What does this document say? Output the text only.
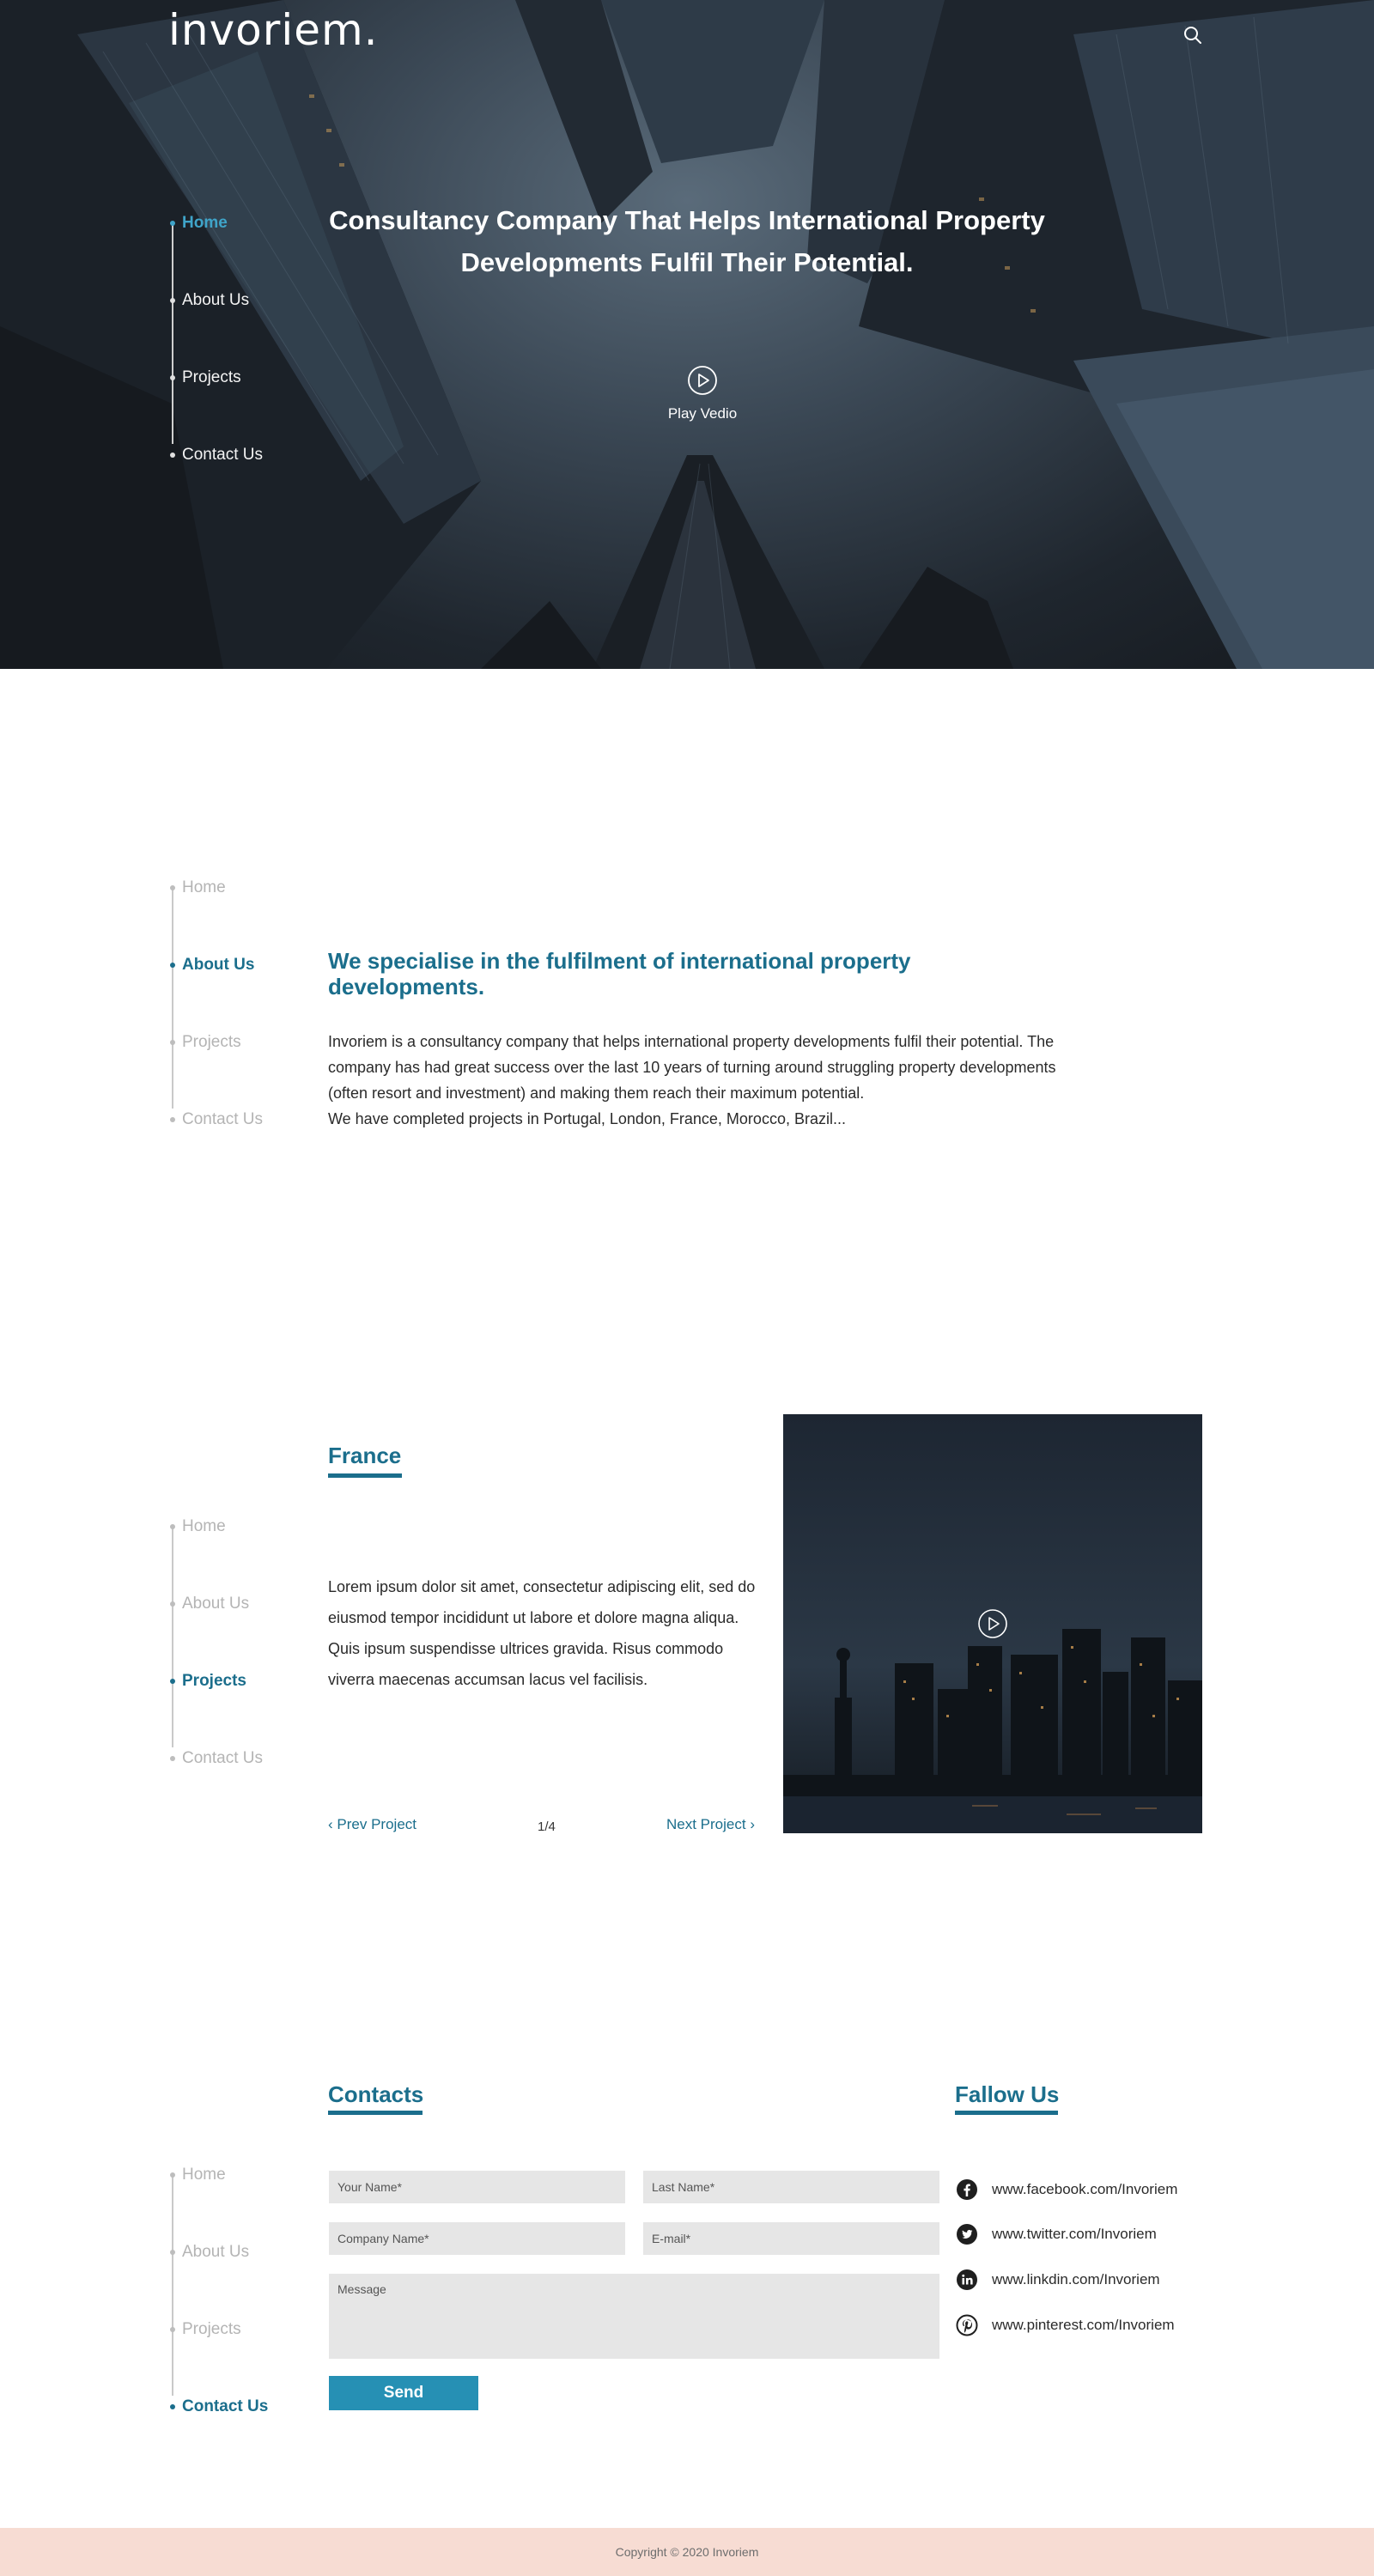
invoriem.
Home
About Us
Projects
Contact Us
Consultancy Company That Helps International Property Developments Fulfil Their Potential.
Play Vedio
Home
About Us
Projects
Contact Us
We specialise in the fulfilment of international property developments.

Invoriem is a consultancy company that helps international property developments fulfil their potential. The company has had great success over the last 10 years of turning around struggling property developments (often resort and investment) and making them reach their maximum potential.

We have completed projects in Portugal, London, France, Morocco, Brazil...

Home
About Us
Projects
Contact Us
France

Lorem ipsum dolor sit amet, consectetur adipiscing elit, sed do eiusmod tempor incididunt ut labore et dolore magna aliqua. Quis ipsum suspendisse ultrices gravida. Risus commodo viverra maecenas accumsan lacus vel facilisis.

‹ Prev Project	1/4	Next Project ›
Home
About Us
Projects
Contact Us
Contacts
Your Name*
Last Name*
Company Name*
E-mail*
Message
Send
Fallow Us
www.facebook.com/Invoriem
www.twitter.com/Invoriem
www.linkdin.com/Invoriem
www.pinterest.com/Invoriem
Copyright © 2020 Invoriem
